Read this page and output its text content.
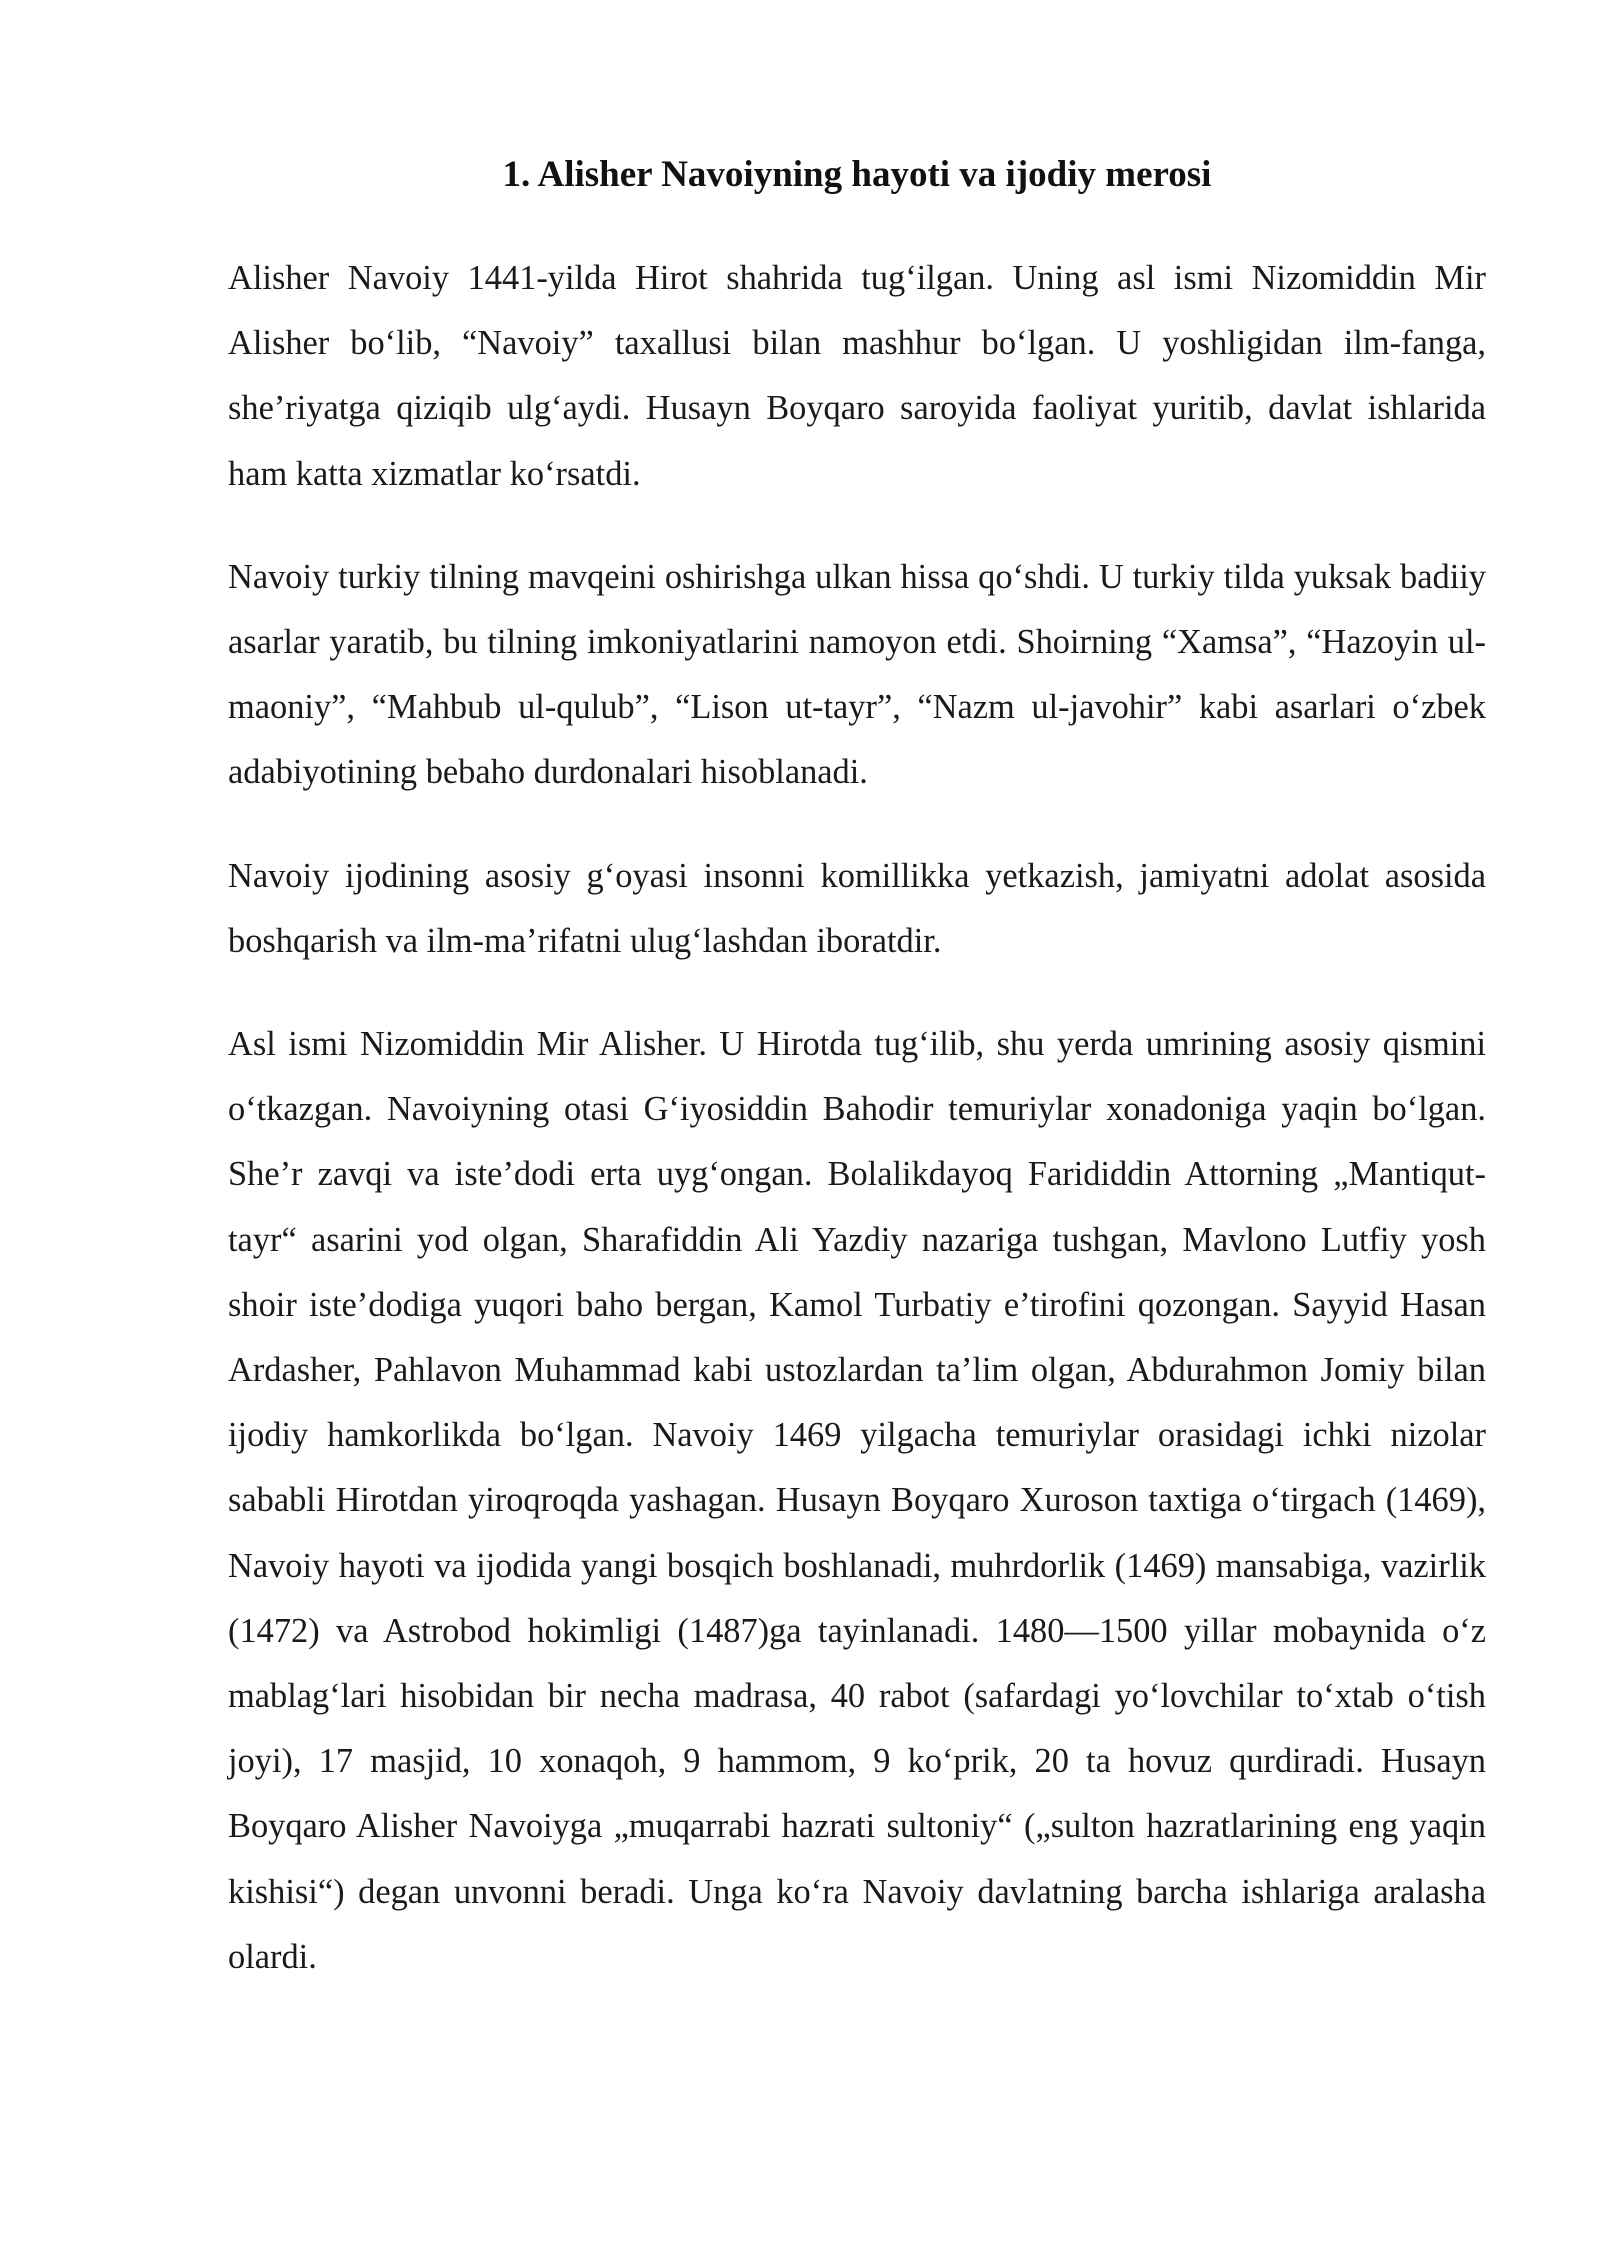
1. Alisher Navoiyning hayoti va ijodiy merosi

Alisher Navoiy 1441-yilda Hirot shahrida tug‘ilgan. Uning asl ismi Nizomiddin Mir Alisher bo‘lib, “Navoiy” taxallusi bilan mashhur bo‘lgan. U yoshligidan ilm-fanga, she’riyatga qiziqib ulg‘aydi. Husayn Boyqaro saroyida faoliyat yuritib, davlat ishlarida ham katta xizmatlar ko‘rsatdi.

Navoiy turkiy tilning mavqeini oshirishga ulkan hissa qo‘shdi. U turkiy tilda yuksak badiiy asarlar yaratib, bu tilning imkoniyatlarini namoyon etdi. Shoirning “Xamsa”, “Hazoyin ul-maoniy”, “Mahbub ul-qulub”, “Lison ut-tayr”, “Nazm ul-javohir” kabi asarlari o‘zbek adabiyotining bebaho durdonalari hisoblanadi.

Navoiy ijodining asosiy g‘oyasi insonni komillikka yetkazish, jamiyatni adolat asosida boshqarish va ilm-ma’rifatni ulug‘lashdan iboratdir.

Asl ismi Nizomiddin Mir Alisher. U Hirotda tug‘ilib, shu yerda umrining asosiy qismini o‘tkazgan. Navoiyning otasi G‘iyosiddin Bahodir temuriylar xonadoniga yaqin bo‘lgan. She’r zavqi va iste’dodi erta uyg‘ongan. Bolalikdayoq Farididdin Attorning „Mantiqut-tayr“ asarini yod olgan, Sharafiddin Ali Yazdiy nazariga tushgan, Mavlono Lutfiy yosh shoir iste’dodiga yuqori baho bergan, Kamol Turbatiy e’tirofini qozongan. Sayyid Hasan Ardasher, Pahlavon Muhammad kabi ustozlardan ta’lim olgan, Abdurahmon Jomiy bilan ijodiy hamkorlikda bo‘lgan. Navoiy 1469 yilgacha temuriylar orasidagi ichki nizolar sababli Hirotdan yiroqroqda yashagan. Husayn Boyqaro Xuroson taxtiga o‘tirgach (1469), Navoiy hayoti va ijodida yangi bosqich boshlanadi, muhrdorlik (1469) mansabiga, vazirlik (1472) va Astrobod hokimligi (1487)ga tayinlanadi. 1480—1500 yillar mobaynida o‘z mablag‘lari hisobidan bir necha madrasa, 40 rabot (safardagi yo‘lovchilar to‘xtab o‘tish joyi), 17 masjid, 10 xonaqoh, 9 hammom, 9 ko‘prik, 20 ta hovuz qurdiradi. Husayn Boyqaro Alisher Navoiyga „muqarrabi hazrati sultoniy“ („sulton hazratlarining eng yaqin kishisi“) degan unvonni beradi. Unga ko‘ra Navoiy davlatning barcha ishlariga aralasha olardi.
